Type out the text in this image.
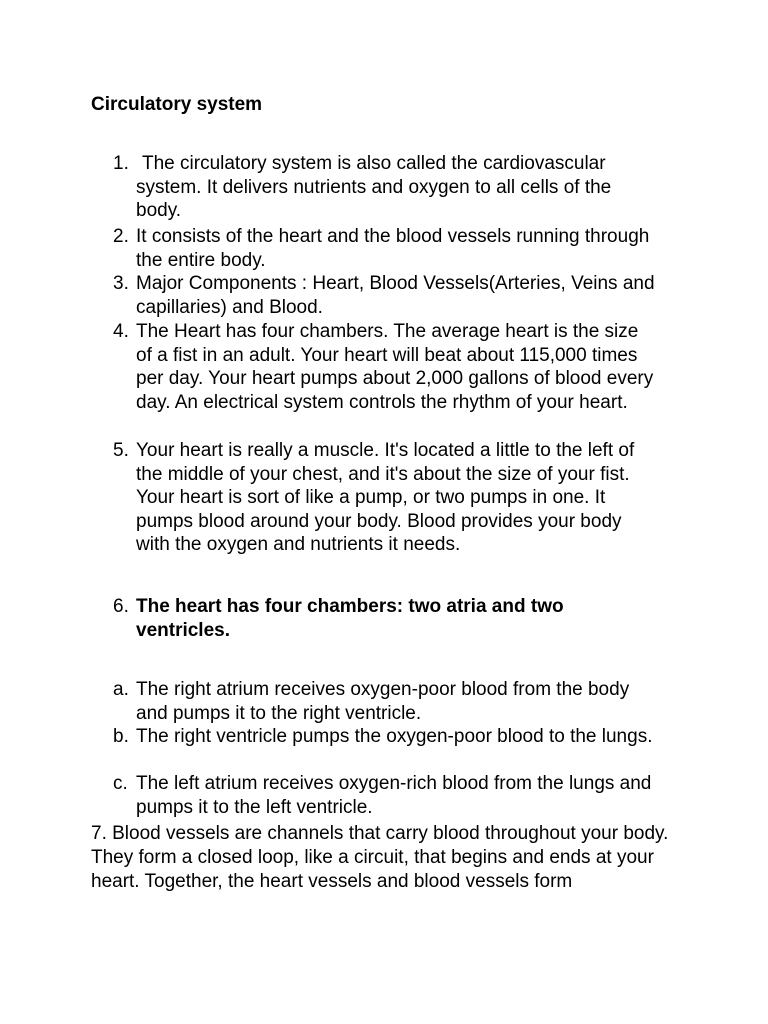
Circulatory system
1. The circulatory system is also called the cardiovascular system. It delivers nutrients and oxygen to all cells of the body.
2. It consists of the heart and the blood vessels running through the entire body.
3. Major Components : Heart, Blood Vessels(Arteries, Veins and capillaries) and Blood.
4. The Heart has four chambers. The average heart is the size of a fist in an adult. Your heart will beat about 115,000 times per day. Your heart pumps about 2,000 gallons of blood every day. An electrical system controls the rhythm of your heart.
5. Your heart is really a muscle. It's located a little to the left of the middle of your chest, and it's about the size of your fist. Your heart is sort of like a pump, or two pumps in one. It pumps blood around your body. Blood provides your body with the oxygen and nutrients it needs.
6. The heart has four chambers: two atria and two ventricles.
a. The right atrium receives oxygen-poor blood from the body and pumps it to the right ventricle.
b. The right ventricle pumps the oxygen-poor blood to the lungs.
c. The left atrium receives oxygen-rich blood from the lungs and pumps it to the left ventricle.
7. Blood vessels are channels that carry blood throughout your body. They form a closed loop, like a circuit, that begins and ends at your heart. Together, the heart vessels and blood vessels form
